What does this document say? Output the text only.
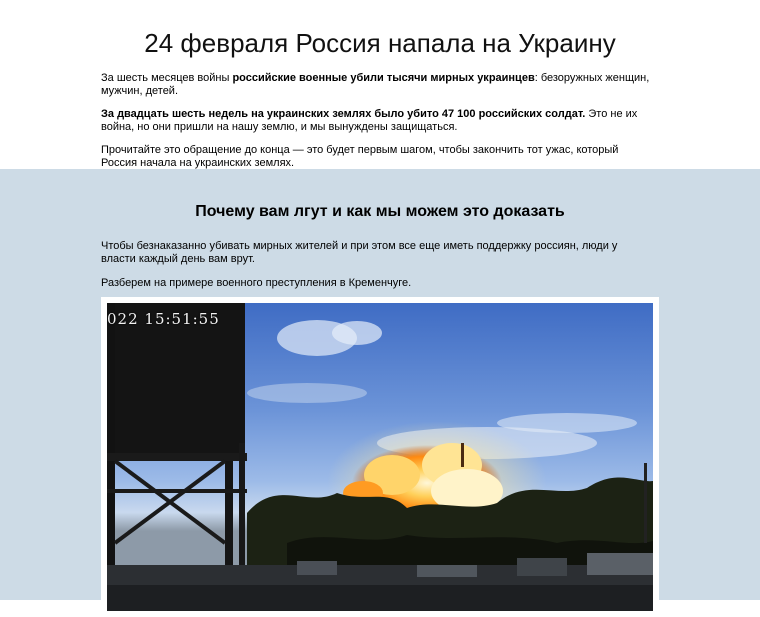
24 февраля Россия напала на Украину

За шесть месяцев войны российские военные убили тысячи мирных украинцев: безоружных женщин, мужчин, детей.

За двадцать шесть недель на украинских землях было убито 47 100 российских солдат. Это не их война, но они пришли на нашу землю, и мы вынуждены защищаться.

Прочитайте это обращение до конца — это будет первым шагом, чтобы закончить тот ужас, который Россия начала на украинских землях.

Почему вам лгут и как мы можем это доказать

Чтобы безнаказанно убивать мирных жителей и при этом все еще иметь поддержку россиян, люди у власти каждый день вам врут.

Разберем на примере военного преступления в Кременчуге.

022 15:51:55
